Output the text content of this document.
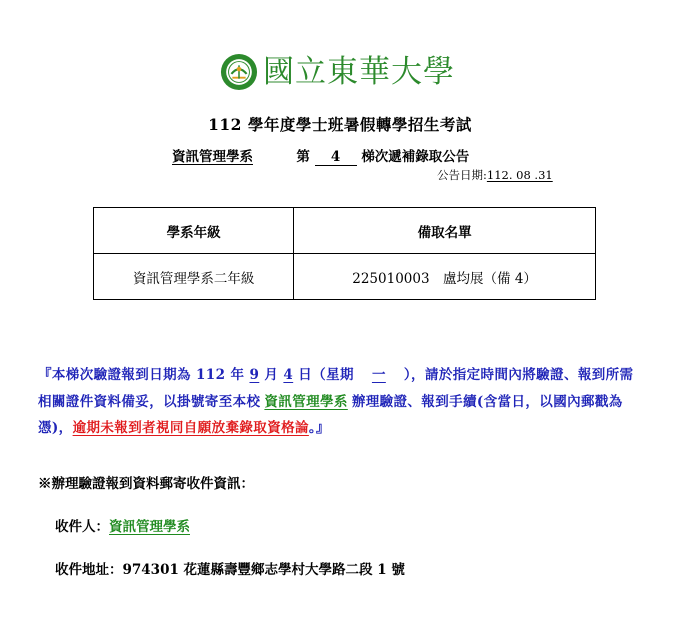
國立東華大學
112 學年度學士班暑假轉學招生考試
資訊管理學系	第 4 梯次遞補錄取公告
公告日期:112. 08 .31
學系年級	備取名單
資訊管理學系二年級	225010003　盧均展（備 4）
『本梯次驗證報到日期為 112 年 9 月 4 日（星期 一 ），請於指定時間內將驗證、報到所需相關證件資料備妥，以掛號寄至本校 資訊管理學系 辦理驗證、報到手續(含當日，以國內郵戳為憑)，逾期未報到者視同自願放棄錄取資格論。』
※辦理驗證報到資料郵寄收件資訊：
收件人：資訊管理學系
收件地址：974301 花蓮縣壽豐鄉志學村大學路二段 1 號
